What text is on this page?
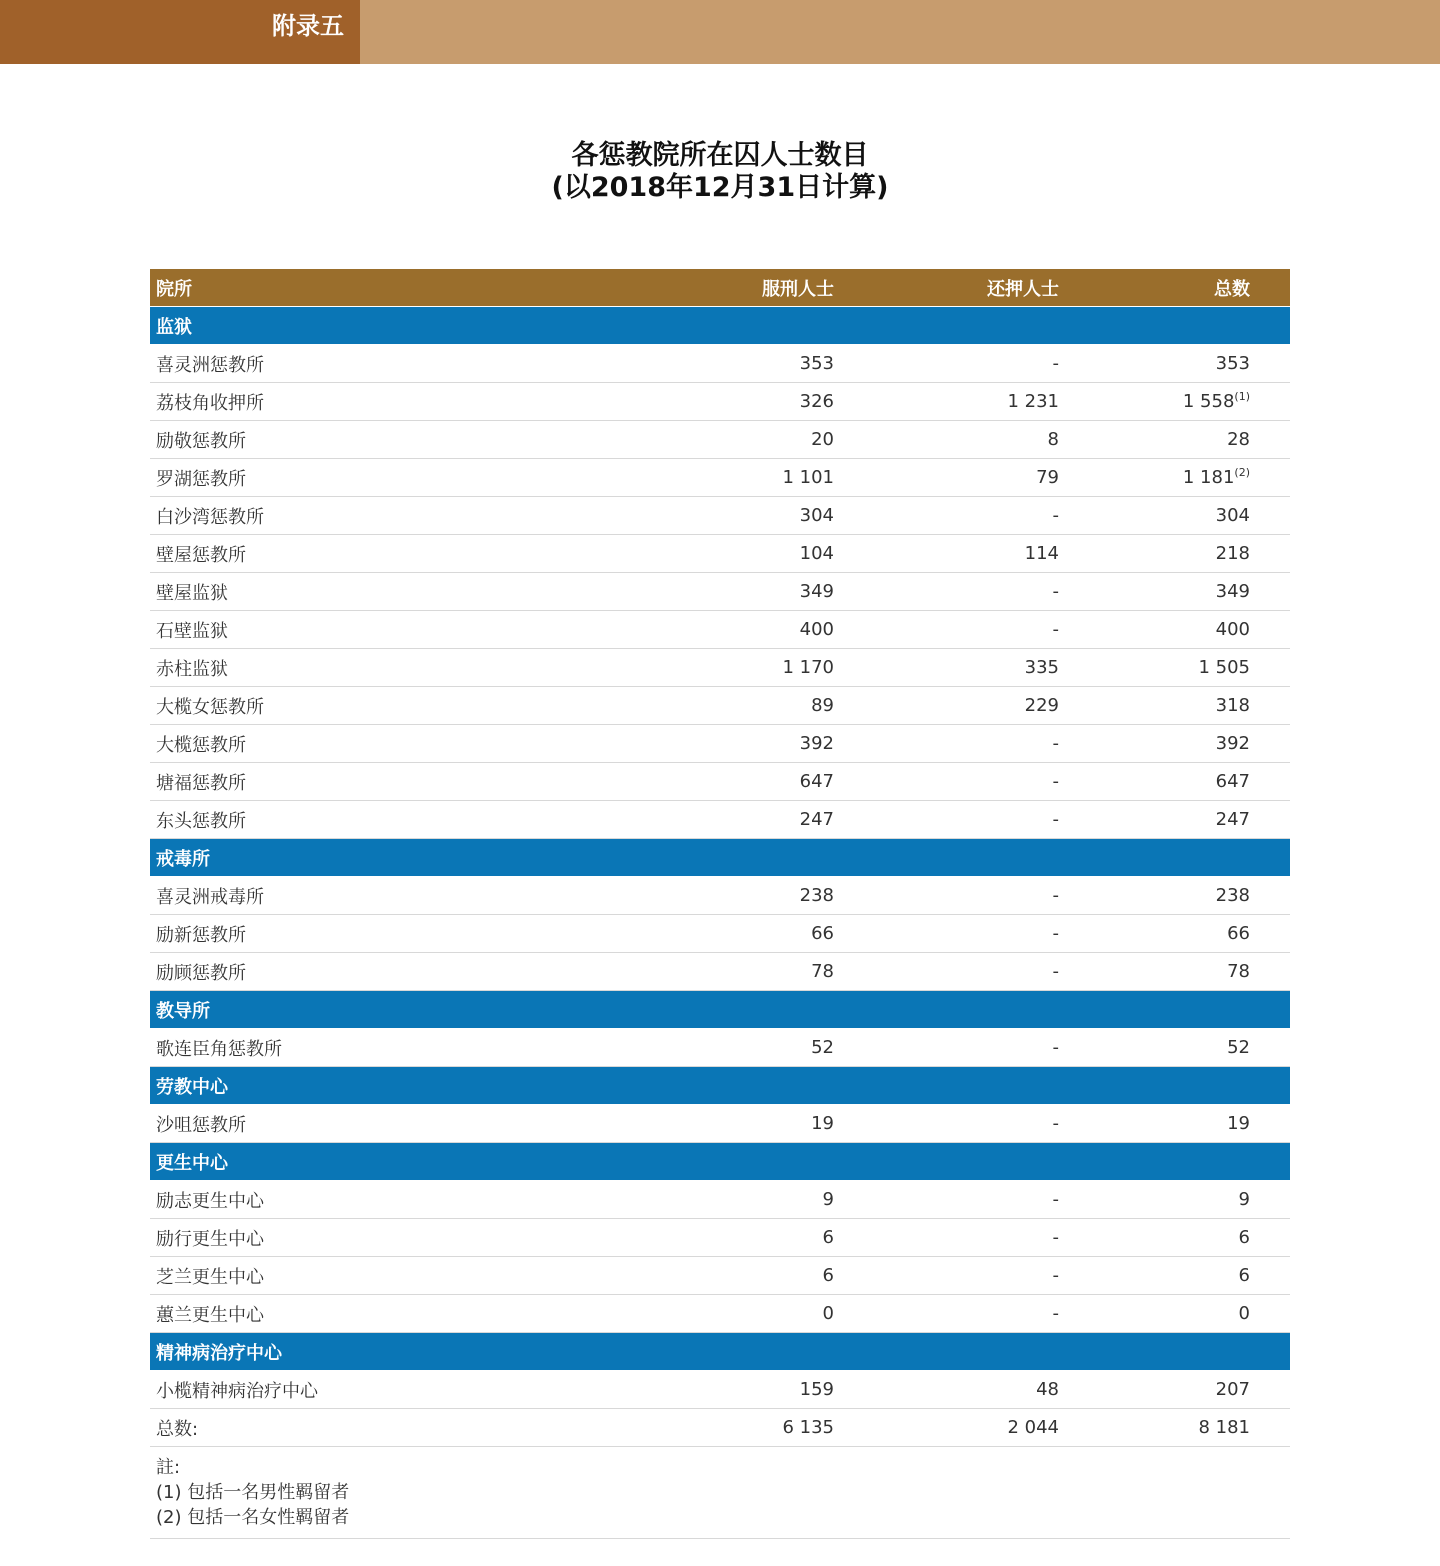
附录五
各惩教院所在囚人士数目
(以2018年12月31日计算)
院所	服刑人士	还押人士	总数
监狱
喜灵洲惩教所	353	-	353
荔枝角收押所	326	1 231	1 558$^{(1)}$
励敬惩教所	20	8	28
罗湖惩教所	1 101	79	1 181$^{(2)}$
白沙湾惩教所	304	-	304
壁屋惩教所	104	114	218
壁屋监狱	349	-	349
石壁监狱	400	-	400
赤柱监狱	1 170	335	1 505
大榄女惩教所	89	229	318
大榄惩教所	392	-	392
塘福惩教所	647	-	647
东头惩教所	247	-	247
戒毒所
喜灵洲戒毒所	238	-	238
励新惩教所	66	-	66
励顾惩教所	78	-	78
教导所
歌连臣角惩教所	52	-	52
劳教中心
沙咀惩教所	19	-	19
更生中心
励志更生中心	9	-	9
励行更生中心	6	-	6
芝兰更生中心	6	-	6
蕙兰更生中心	0	-	0
精神病治疗中心
小榄精神病治疗中心	159	48	207
总数:	6 135	2 044	8 181
註:
(1) 包括一名男性羁留者
(2) 包括一名女性羁留者
